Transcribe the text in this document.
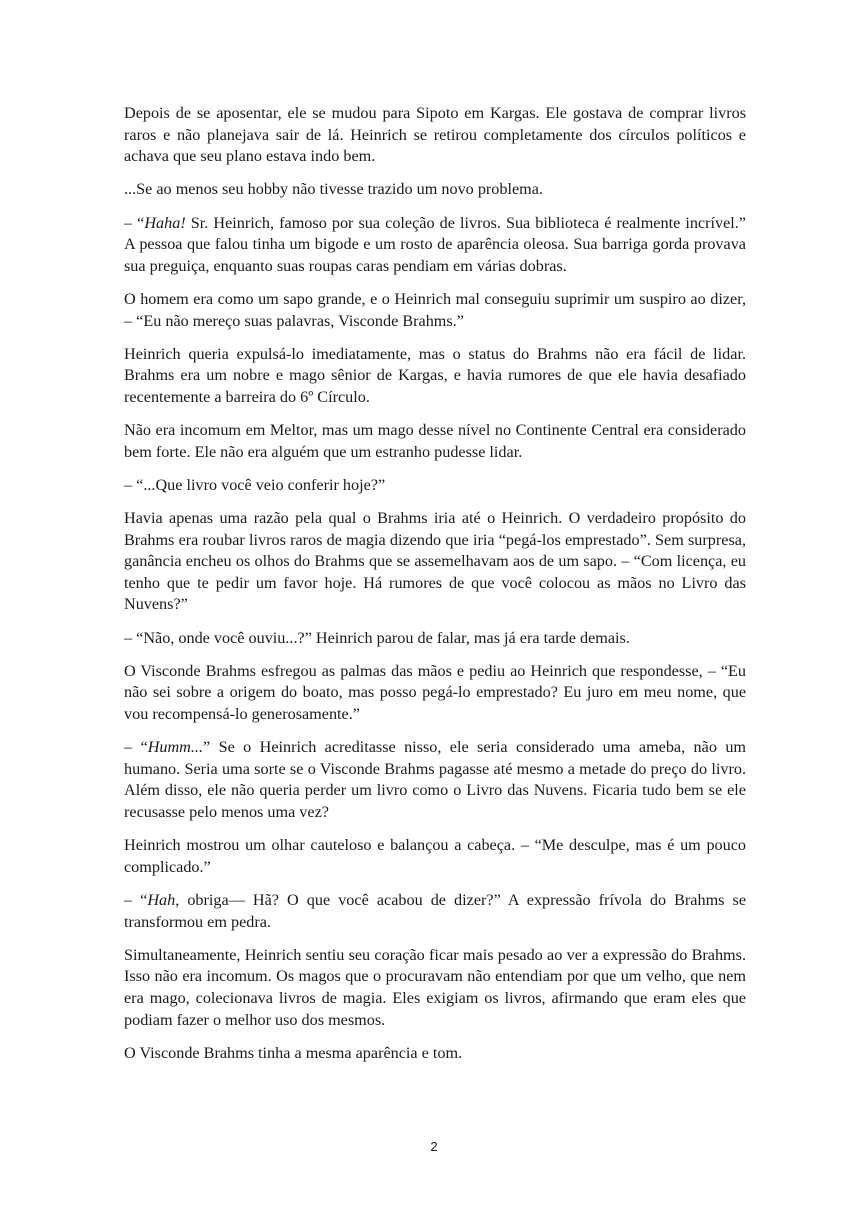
Depois de se aposentar, ele se mudou para Sipoto em Kargas. Ele gostava de comprar livros raros e não planejava sair de lá. Heinrich se retirou completamente dos círculos políticos e achava que seu plano estava indo bem.

...Se ao menos seu hobby não tivesse trazido um novo problema.

– “Haha! Sr. Heinrich, famoso por sua coleção de livros. Sua biblioteca é realmente incrível.” A pessoa que falou tinha um bigode e um rosto de aparência oleosa. Sua barriga gorda provava sua preguiça, enquanto suas roupas caras pendiam em várias dobras.

O homem era como um sapo grande, e o Heinrich mal conseguiu suprimir um suspiro ao dizer, – “Eu não mereço suas palavras, Visconde Brahms.”

Heinrich queria expulsá-lo imediatamente, mas o status do Brahms não era fácil de lidar. Brahms era um nobre e mago sênior de Kargas, e havia rumores de que ele havia desafiado recentemente a barreira do 6º Círculo.

Não era incomum em Meltor, mas um mago desse nível no Continente Central era considerado bem forte. Ele não era alguém que um estranho pudesse lidar.

– “...Que livro você veio conferir hoje?”

Havia apenas uma razão pela qual o Brahms iria até o Heinrich. O verdadeiro propósito do Brahms era roubar livros raros de magia dizendo que iria “pegá-los emprestado”. Sem surpresa, ganância encheu os olhos do Brahms que se assemelhavam aos de um sapo. – “Com licença, eu tenho que te pedir um favor hoje. Há rumores de que você colocou as mãos no Livro das Nuvens?”

– “Não, onde você ouviu...?” Heinrich parou de falar, mas já era tarde demais.

O Visconde Brahms esfregou as palmas das mãos e pediu ao Heinrich que respondesse, – “Eu não sei sobre a origem do boato, mas posso pegá-lo emprestado? Eu juro em meu nome, que vou recompensá-lo generosamente.”

– “Humm...” Se o Heinrich acreditasse nisso, ele seria considerado uma ameba, não um humano. Seria uma sorte se o Visconde Brahms pagasse até mesmo a metade do preço do livro. Além disso, ele não queria perder um livro como o Livro das Nuvens. Ficaria tudo bem se ele recusasse pelo menos uma vez?

Heinrich mostrou um olhar cauteloso e balançou a cabeça. – “Me desculpe, mas é um pouco complicado.”

– “Hah, obriga— Hã? O que você acabou de dizer?” A expressão frívola do Brahms se transformou em pedra.

Simultaneamente, Heinrich sentiu seu coração ficar mais pesado ao ver a expressão do Brahms. Isso não era incomum. Os magos que o procuravam não entendiam por que um velho, que nem era mago, colecionava livros de magia. Eles exigiam os livros, afirmando que eram eles que podiam fazer o melhor uso dos mesmos.

O Visconde Brahms tinha a mesma aparência e tom.

2
